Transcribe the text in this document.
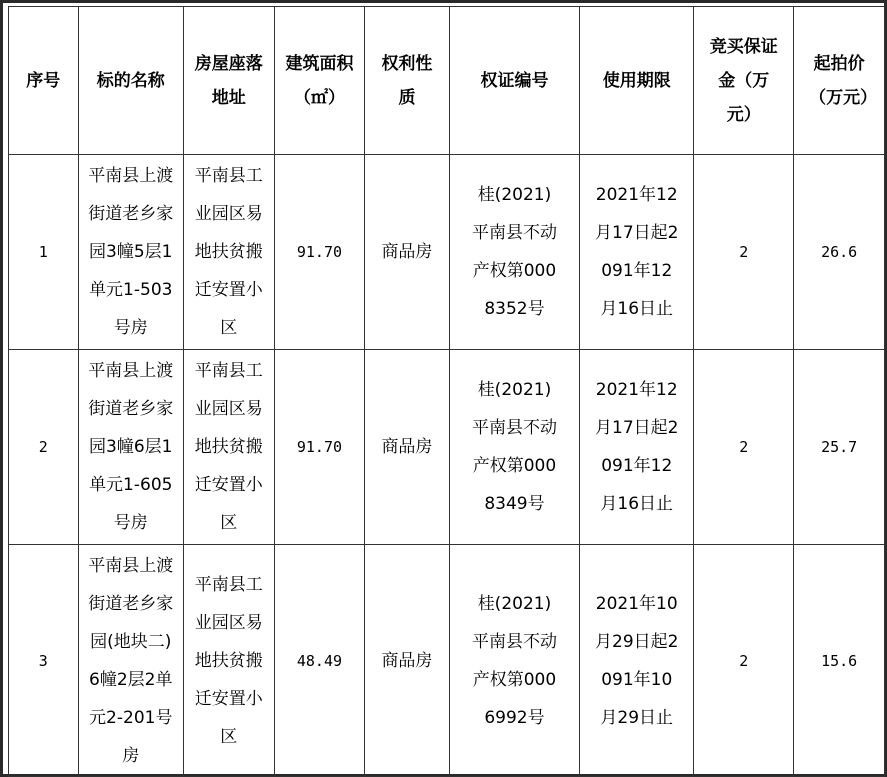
序号	标的名称	房屋座落地址	建筑面积（㎡）	权利性质	权证编号	使用期限	竞买保证金（万元）	起拍价（万元）

1	平南县上渡街道老乡家园3幢5层1单元1-503号房	平南县工业园区易地扶贫搬迁安置小区	91.70	商品房	桂(2021)平南县不动产权第0008352号	2021年12月17日起2091年12月16日止	2	26.6
2	平南县上渡街道老乡家园3幢6层1单元1-605号房	平南县工业园区易地扶贫搬迁安置小区	91.70	商品房	桂(2021)平南县不动产权第0008349号	2021年12月17日起2091年12月16日止	2	25.7
3	平南县上渡街道老乡家园(地块二)6幢2层2单元2-201号房	平南县工业园区易地扶贫搬迁安置小区	48.49	商品房	桂(2021)平南县不动产权第0006992号	2021年10月29日起2091年10月29日止	2	15.6
